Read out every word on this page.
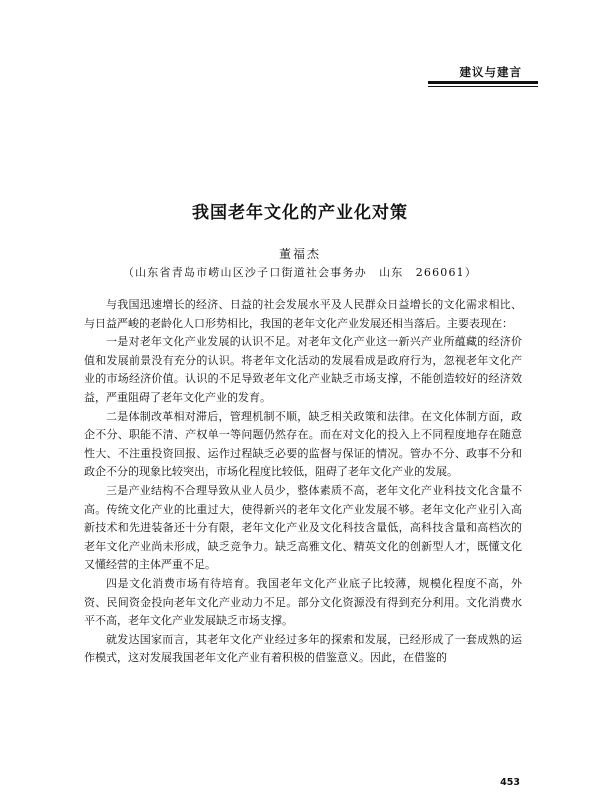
建议与建言
我国老年文化的产业化对策
董福杰
（山东省青岛市崂山区沙子口街道社会事务办　山东　266061）

与我国迅速增长的经济、日益的社会发展水平及人民群众日益增长的文化需求相比、与日益严峻的老龄化人口形势相比，我国的老年文化产业发展还相当落后。主要表现在：

一是对老年文化产业发展的认识不足。对老年文化产业这一新兴产业所蕴藏的经济价值和发展前景没有充分的认识。将老年文化活动的发展看成是政府行为，忽视老年文化产业的市场经济价值。认识的不足导致老年文化产业缺乏市场支撑，不能创造较好的经济效益，严重阻碍了老年文化产业的发育。

二是体制改革相对滞后，管理机制不顺，缺乏相关政策和法律。在文化体制方面，政企不分、职能不清、产权单一等问题仍然存在。而在对文化的投入上不同程度地存在随意性大、不注重投资回报、运作过程缺乏必要的监督与保证的情况。管办不分、政事不分和政企不分的现象比较突出，市场化程度比较低，阻碍了老年文化产业的发展。

三是产业结构不合理导致从业人员少，整体素质不高，老年文化产业科技文化含量不高。传统文化产业的比重过大，使得新兴的老年文化产业发展不够。老年文化产业引入高新技术和先进装备还十分有限，老年文化产业及文化科技含量低，高科技含量和高档次的老年文化产业尚未形成，缺乏竞争力。缺乏高雅文化、精英文化的创新型人才，既懂文化又懂经营的主体严重不足。

四是文化消费市场有待培育。我国老年文化产业底子比较薄，规模化程度不高，外资、民间资金投向老年文化产业动力不足。部分文化资源没有得到充分利用。文化消费水平不高，老年文化产业发展缺乏市场支撑。

就发达国家而言，其老年文化产业经过多年的探索和发展，已经形成了一套成熟的运作模式，这对发展我国老年文化产业有着积极的借鉴意义。因此，在借鉴的

453
